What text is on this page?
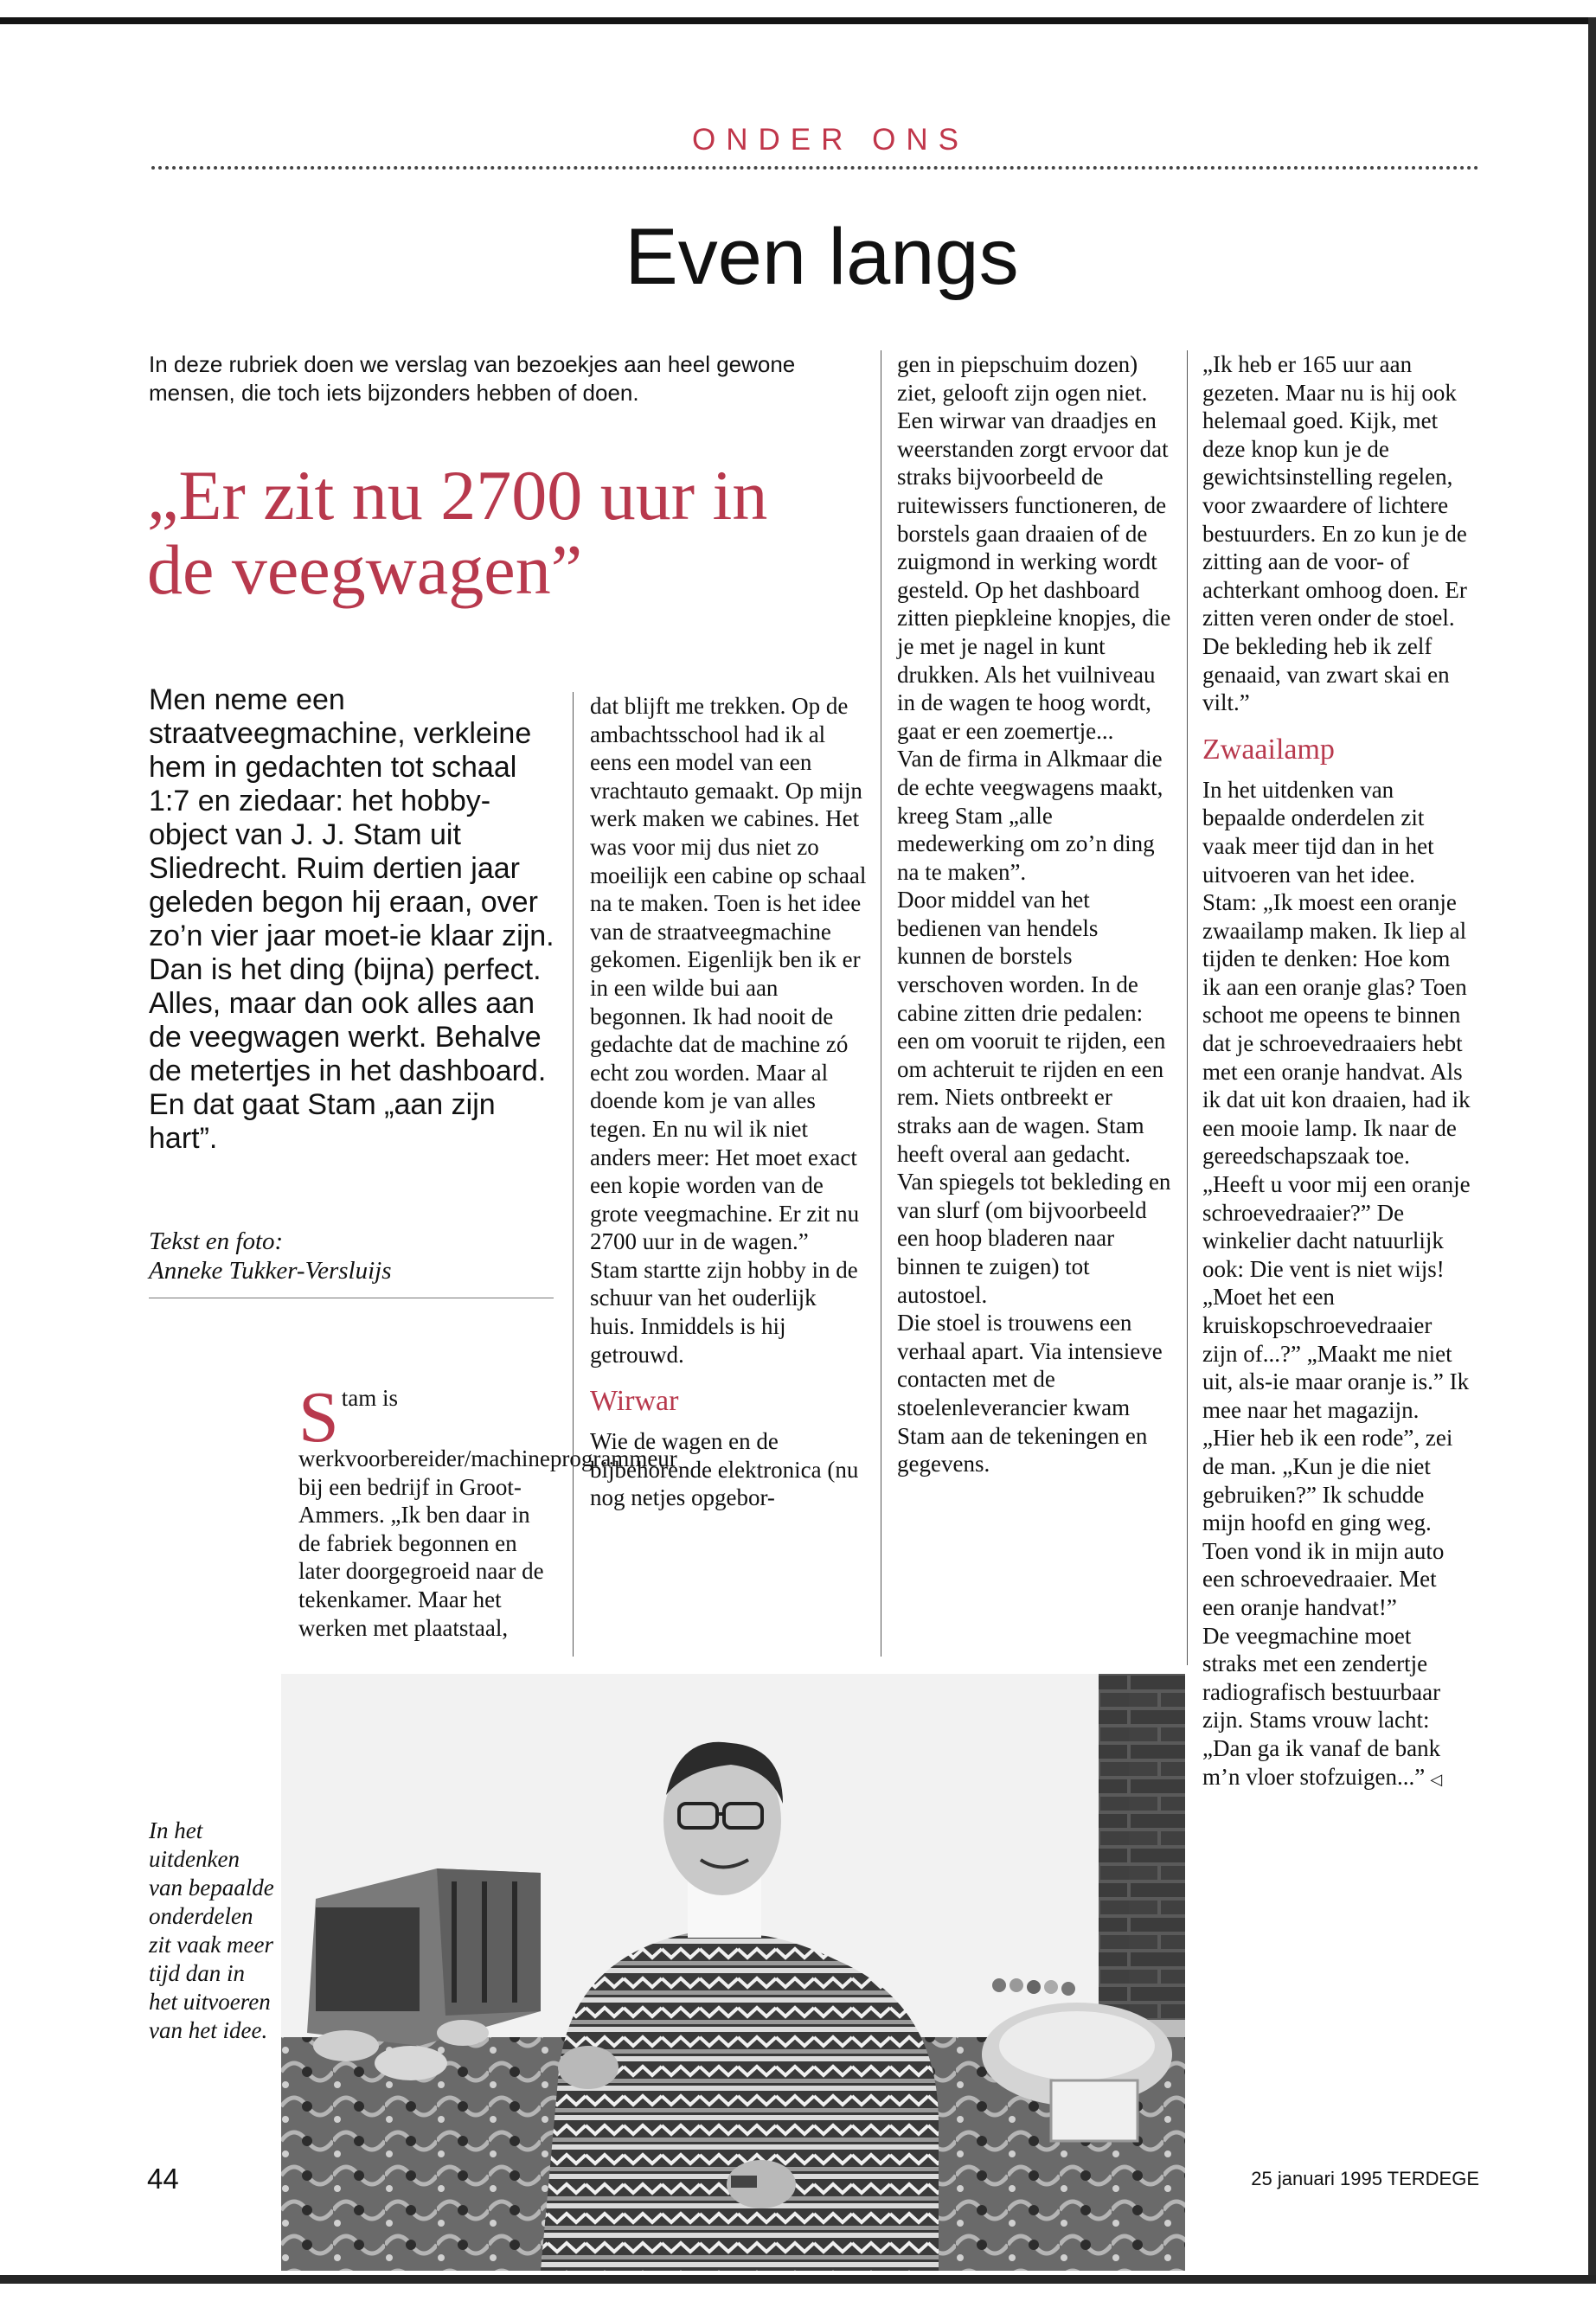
ONDER ONS
Even langs
In deze rubriek doen we verslag van bezoekjes aan heel gewone mensen, die toch iets bijzonders hebben of doen.
„Er zit nu 2700 uur in de veegwagen”
Men neme een straatveegmachine, verkleine hem in gedachten tot schaal 1:7 en ziedaar: het hobby-object van J. J. Stam uit Sliedrecht. Ruim dertien jaar geleden begon hij eraan, over zo’n vier jaar moet-ie klaar zijn. Dan is het ding (bijna) perfect. Alles, maar dan ook alles aan de veegwagen werkt. Behalve de metertjes in het dashboard. En dat gaat Stam „aan zijn hart”.
Tekst en foto:
Anneke Tukker-Versluijs
S tam is werkvoorbereider/machineprogrammeur bij een bedrijf in Groot-Ammers. „Ik ben daar in de fabriek begonnen en later doorgegroeid naar de tekenkamer. Maar het werken met plaatstaal,

dat blijft me trekken. Op de ambachtsschool had ik al eens een model van een vrachtauto gemaakt. Op mijn werk maken we cabines. Het was voor mij dus niet zo moeilijk een cabine op schaal na te maken. Toen is het idee van de straatveegmachine gekomen. Eigenlijk ben ik er in een wilde bui aan begonnen. Ik had nooit de gedachte dat de machine zó echt zou worden. Maar al doende kom je van alles tegen. En nu wil ik niet anders meer: Het moet exact een kopie worden van de grote veegmachine. Er zit nu 2700 uur in de wagen.”

Stam startte zijn hobby in de schuur van het ouderlijk huis. Inmiddels is hij getrouwd.

Wirwar

Wie de wagen en de bijbehorende elektronica (nu nog netjes opgebor-

gen in piepschuim dozen) ziet, gelooft zijn ogen niet. Een wirwar van draadjes en weerstanden zorgt ervoor dat straks bijvoorbeeld de ruitewissers functioneren, de borstels gaan draaien of de zuigmond in werking wordt gesteld. Op het dashboard zitten piepkleine knopjes, die je met je nagel in kunt drukken. Als het vuilniveau in de wagen te hoog wordt, gaat er een zoemertje...

Van de firma in Alkmaar die de echte veegwagens maakt, kreeg Stam „alle medewerking om zo’n ding na te maken”.

Door middel van het bedienen van hendels kunnen de borstels verschoven worden. In de cabine zitten drie pedalen: een om vooruit te rijden, een om achteruit te rijden en een rem. Niets ontbreekt er straks aan de wagen. Stam heeft overal aan gedacht. Van spiegels tot bekleding en van slurf (om bijvoorbeeld een hoop bladeren naar binnen te zuigen) tot autostoel.

Die stoel is trouwens een verhaal apart. Via intensieve contacten met de stoelenleverancier kwam Stam aan de tekeningen en gegevens.

„Ik heb er 165 uur aan gezeten. Maar nu is hij ook helemaal goed. Kijk, met deze knop kun je de gewichtsinstelling regelen, voor zwaardere of lichtere bestuurders. En zo kun je de zitting aan de voor- of achterkant omhoog doen. Er zitten veren onder de stoel. De bekleding heb ik zelf genaaid, van zwart skai en vilt.”

Zwaailamp

In het uitdenken van bepaalde onderdelen zit vaak meer tijd dan in het uitvoeren van het idee. Stam: „Ik moest een oranje zwaailamp maken. Ik liep al tijden te denken: Hoe kom ik aan een oranje glas? Toen schoot me opeens te binnen dat je schroevedraaiers hebt met een oranje handvat. Als ik dat uit kon draaien, had ik een mooie lamp. Ik naar de gereedschapszaak toe. „Heeft u voor mij een oranje schroevedraaier?” De winkelier dacht natuurlijk ook: Die vent is niet wijs! „Moet het een kruiskopschroevedraaier zijn of...?” „Maakt me niet uit, als-ie maar oranje is.” Ik mee naar het magazijn. „Hier heb ik een rode”, zei de man. „Kun je die niet gebruiken?” Ik schudde mijn hoofd en ging weg. Toen vond ik in mijn auto een schroevedraaier. Met een oranje handvat!”

De veegmachine moet straks met een zendertje radiografisch bestuurbaar zijn. Stams vrouw lacht: „Dan ga ik vanaf de bank m’n vloer stofzuigen...” ◁

In het uitdenken van bepaalde onderdelen zit vaak meer tijd dan in het uitvoeren van het idee.
44	25 januari 1995 TERDEGE
